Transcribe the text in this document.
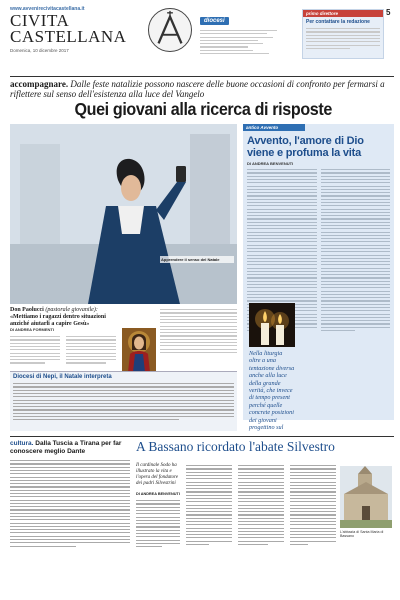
www.avvenirecivitacastellana.it
CIVITA
CASTELLANA
Domenica, 10 dicembre 2017
diocesi
primo direttore
Per contattare la redazione
5
accompagnare. Dalle feste natalizie possono nascere delle buone occasioni di confronto per fermarsi a riflettere sul senso dell'esistenza alla luce del Vangelo
Quei giovani alla ricerca di risposte
Apprendere il senso del Natale
Don Paolucci (pastorale giovanile): «Mettiamo i ragazzi dentro situazioni anziché aiutarli a capire Gesù»
DI ANDREA FORMENTI
Diocesi di Nepi, il Natale interpreta
antico Avvento
Avvento, l'amore di Dio viene e profuma la vita
DI ANDREA BENVENUTI
Nella liturgia oltre a una tentazione diversa anche alla luce della grande verità, che invece di tempo present perché quelle concrete posizioni dei giovani progettino sul
cultura. Dalla Tuscia a Tirana per far conoscere meglio Dante	A Bassano ricordato l'abate Silvestro
Il cardinale Sodo ha illustrato la vita e l'opera del fondatore dei padri Silvestrini
DI ANDREA BENVENUTI
L'abbazia di Santa Maria di Bassano
